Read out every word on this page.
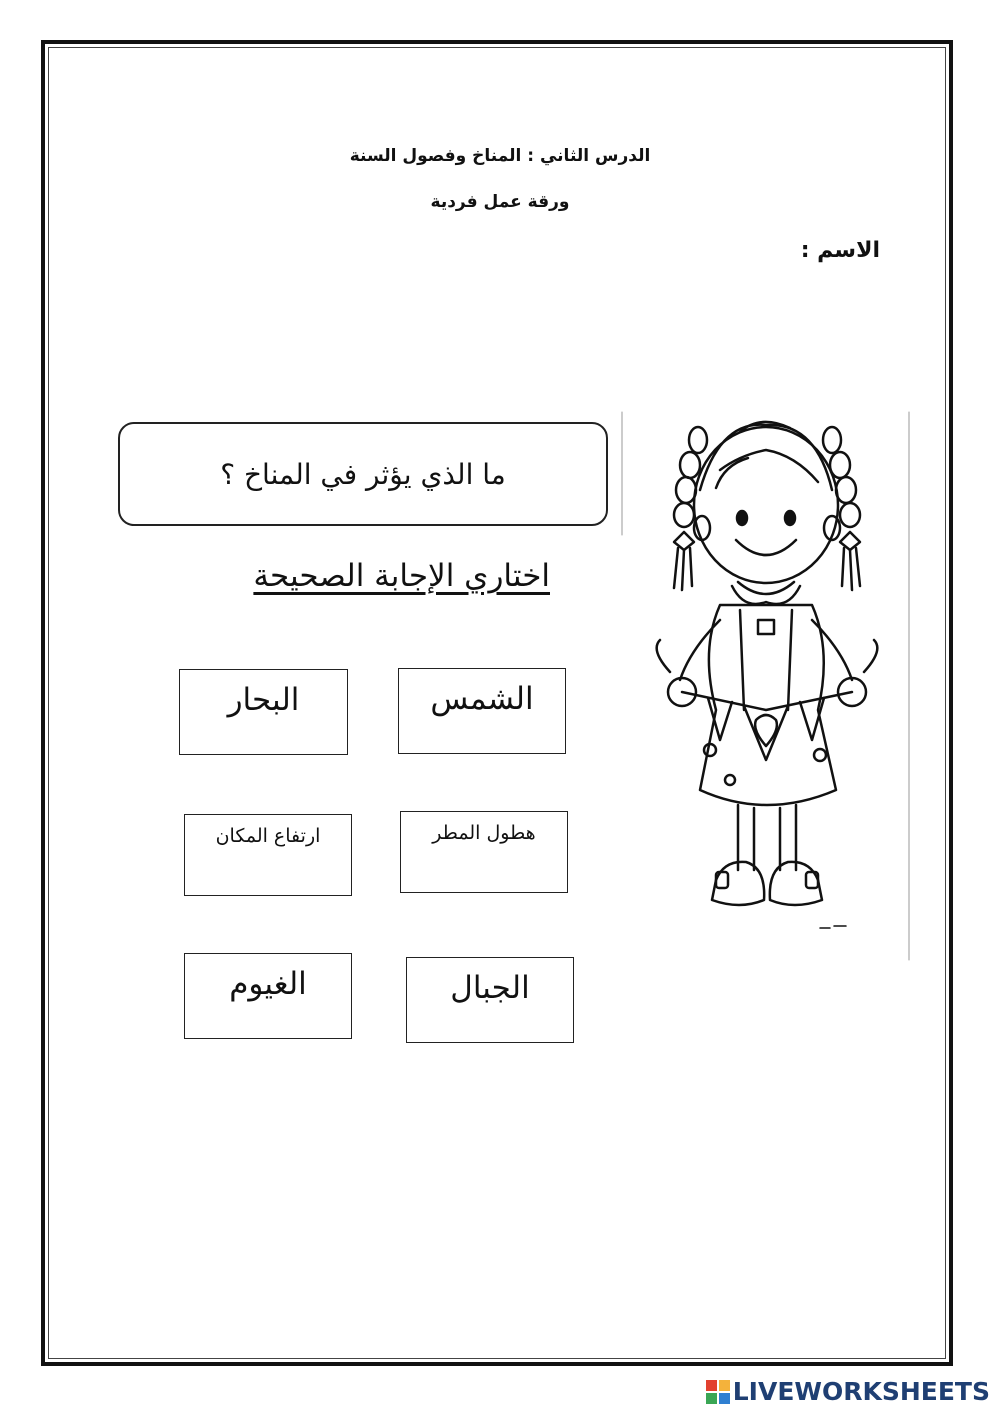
الدرس الثاني : المناخ وفصول السنة
ورقة عمل فردية
الاسم :
ما الذي يؤثر في المناخ ؟
اختاري الإجابة الصحيحة
الشمس
البحار
هطول المطر
ارتفاع المكان
الجبال
الغيوم
LIVEWORKSHEETS
